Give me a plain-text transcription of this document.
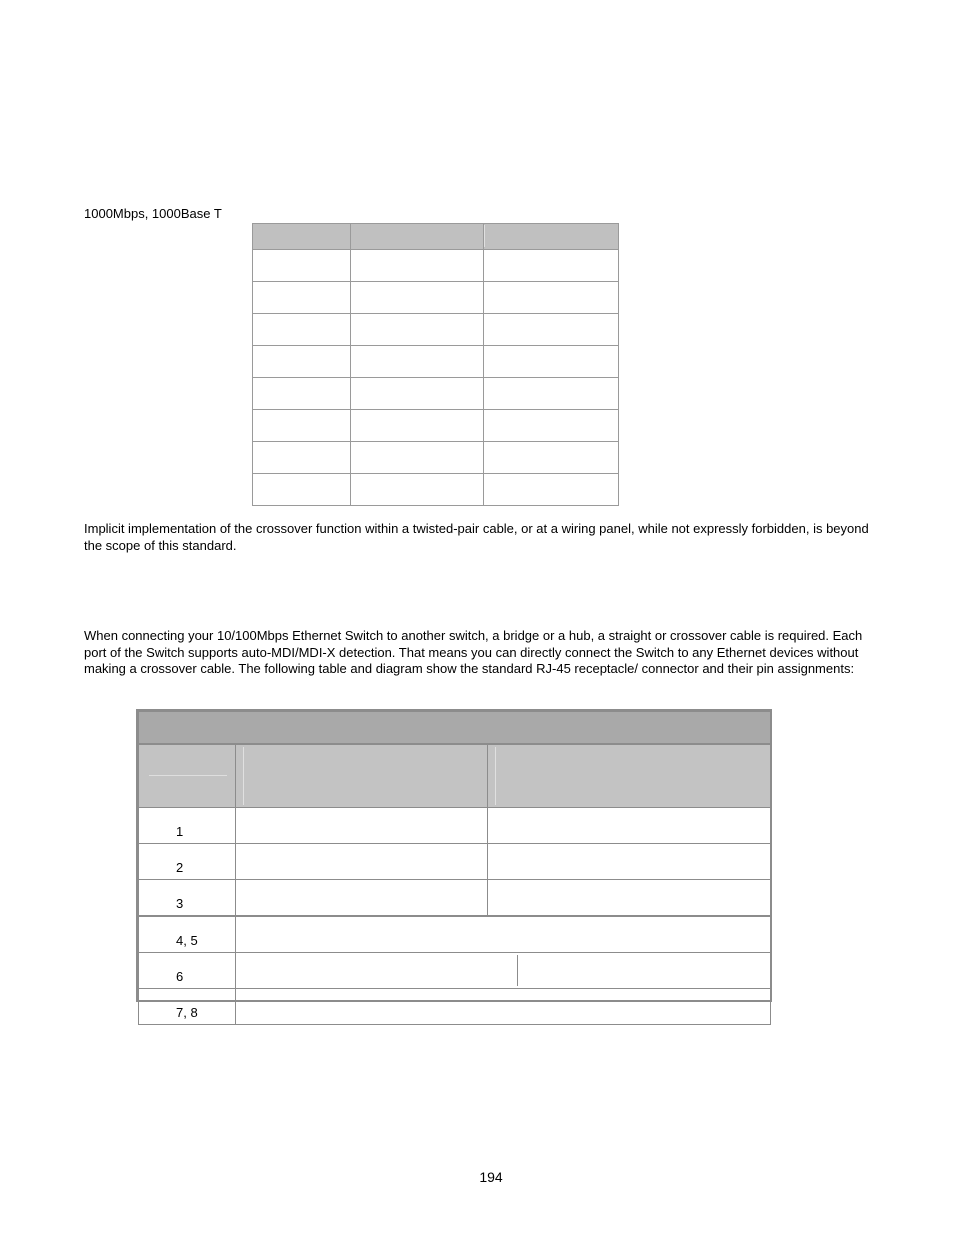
1000Mbps, 1000Base T

Implicit implementation of the crossover function within a twisted-pair cable, or at a wiring panel, while not expressly forbidden, is beyond the scope of this standard.
When connecting your 10/100Mbps Ethernet Switch to another switch, a bridge or a hub, a straight or crossover cable is required. Each port of the Switch supports auto-MDI/MDI-X detection. That means you can directly connect the Switch to any Ethernet devices without making a crossover cable. The following table and diagram show the standard RJ-45 receptacle/ connector and their pin assignments:

1		
2		
3		
4, 5		
6		

7, 8		
194
